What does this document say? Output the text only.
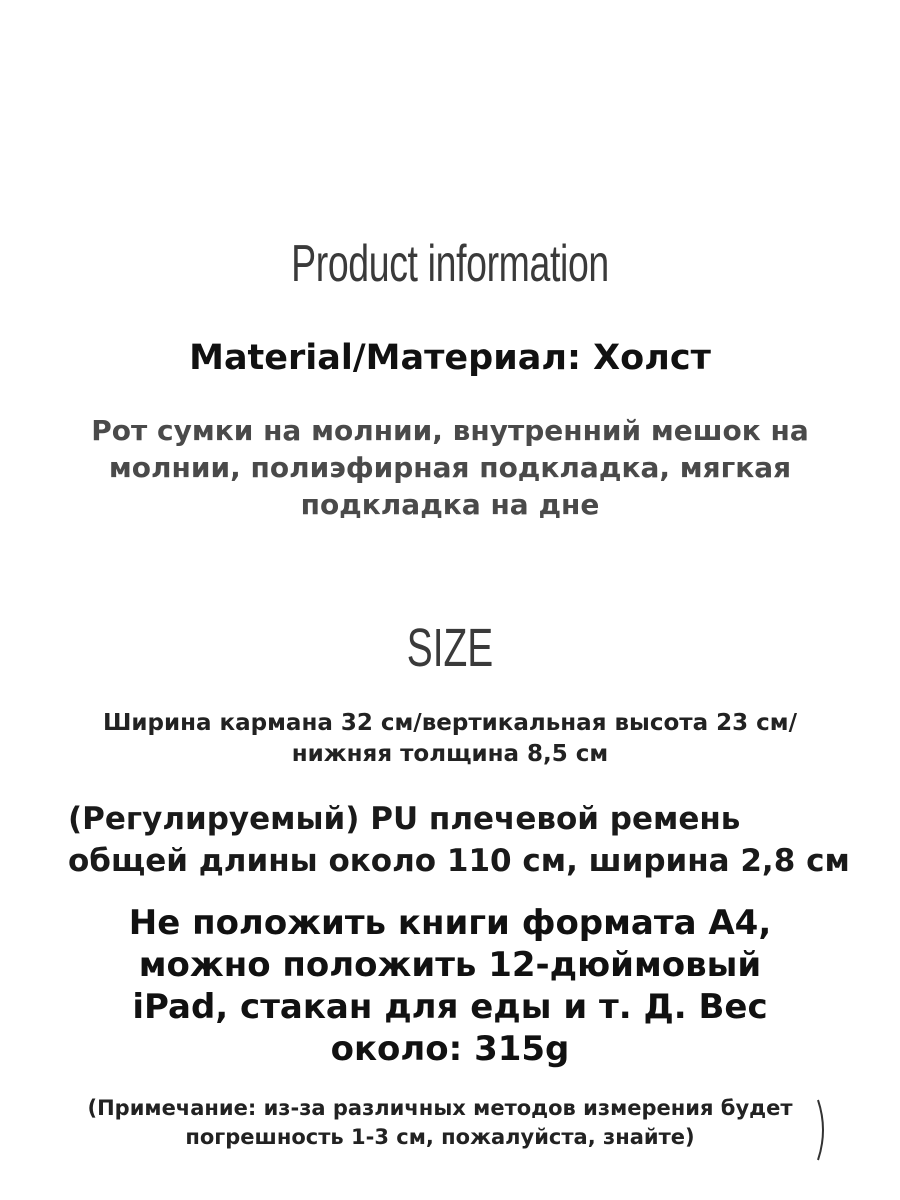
Product information

Material/Материал: Холст

Рот сумки на молнии, внутренний мешок на молнии, полиэфирная подкладка, мягкая подкладка на дне

SIZE

Ширина кармана 32 см/вертикальная высота 23 см/нижняя толщина 8,5 см

(Регулируемый) PU плечевой ремень
общей длины около 110 см, ширина 2,8 см

Не положить книги формата А4, можно положить 12-дюймовый iPad, стакан для еды и т. Д. Вес около: 315g

(Примечание: из-за различных методов измерения будет погрешность 1-3 см, пожалуйста, знайте)
